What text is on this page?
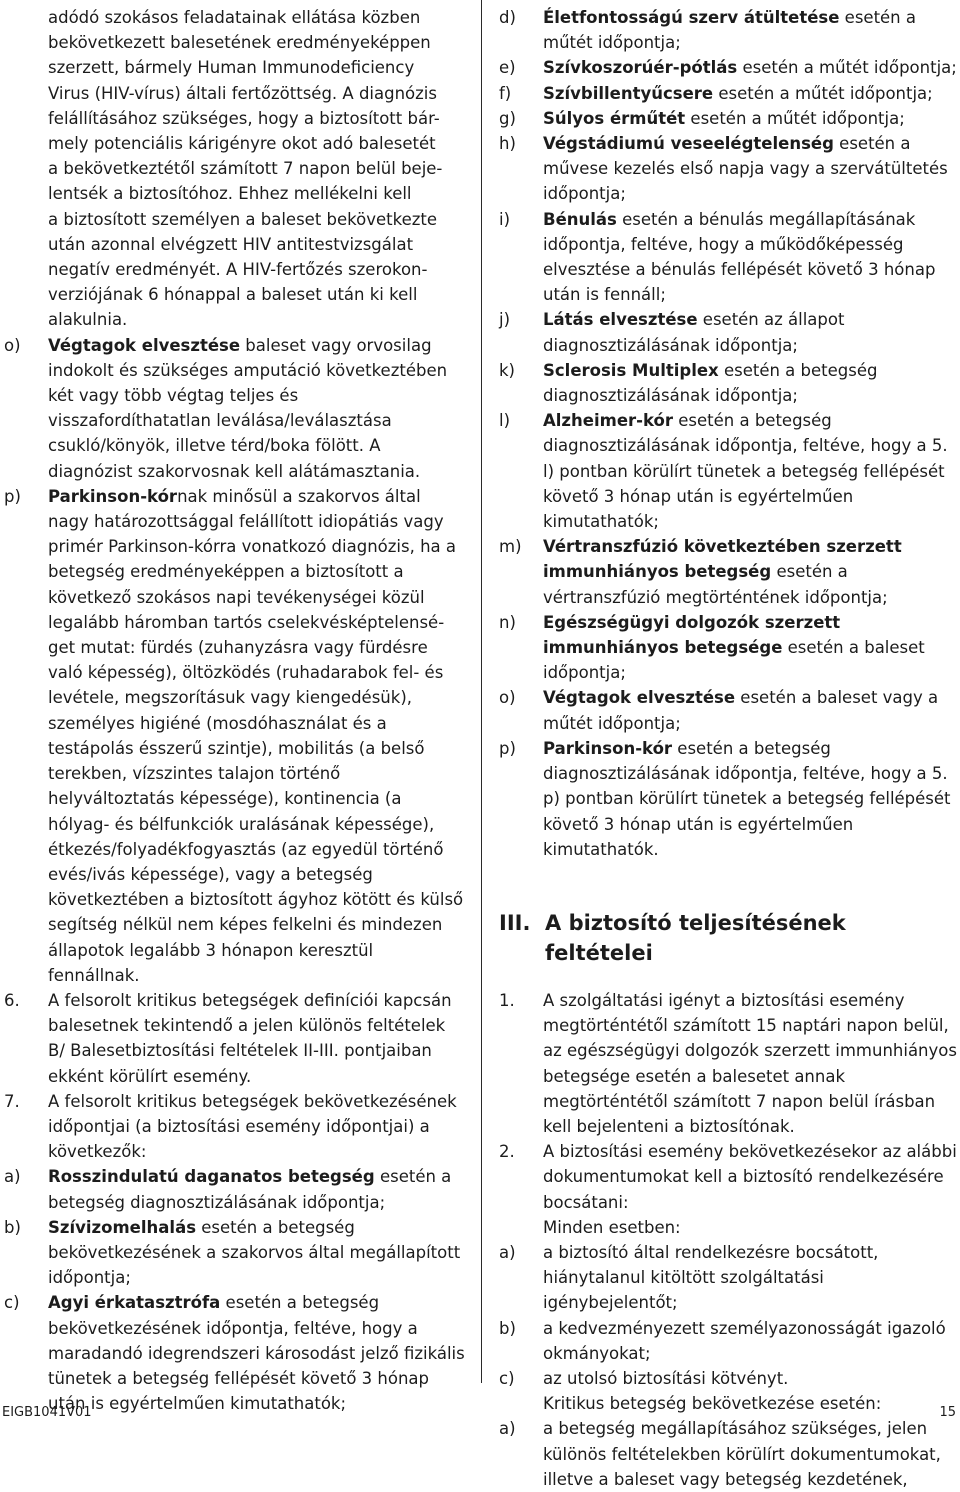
adódó szokásos feladatainak ellátása közben
bekövetkezett balesetének eredményeképpen
szerzett, bármely Human Immunodeficiency
Virus (HIV-vírus) általi fertőzöttség. A diagnózis
felállításához szükséges, hogy a biztosított bár-
mely potenciális kárigényre okot adó balesetét
a bekövetkeztétől számított 7 napon belül beje-
lentsék a biztosítóhoz. Ehhez mellékelni kell
a biztosított személyen a baleset bekövetkezte
után azonnal elvégzett HIV antitestvizsgálat
negatív eredményét. A HIV-fertőzés szerokon-
verziójának 6 hónappal a baleset után ki kell
alakulnia.
o) Végtagok elvesztése baleset vagy orvosilag indokolt és szükséges amputáció következtében két vagy több végtag teljes és visszafordíthatatlan leválása/leválasztása csukló/könyök, illetve térd/boka fölött. A diagnózist szakorvosnak kell alátámasztania.
p) Parkinson-kórnak minősül a szakorvos által nagy határozottsággal felállított idiopátiás vagy primér Parkinson-kórra vonatkozó diagnózis, ha a betegség eredményeképpen a biztosított a következő szokásos napi tevékenységei közül legalább háromban tartós cselekvésképtelensé-get mutat: fürdés (zuhanyzásra vagy fürdésre való képesség), öltözködés (ruhadarabok fel- és levétele, megszorításuk vagy kiengedésük), személyes higiéné (mosdóhasználat és a testápolás ésszerű szintje), mobilitás (a belső terekben, vízszintes talajon történő helyváltoztatás képessége), kontinencia (a hólyag- és bélfunkciók uralásának képessége), étkezés/folyadékfogyasztás (az egyedül történő evés/ivás képessége), vagy a betegség következtében a biztosított ágyhoz kötött és külső segítség nélkül nem képes felkelni és mindezen állapotok legalább 3 hónapon keresztül fennállnak.
6. A felsorolt kritikus betegségek definíciói kapcsán balesetnek tekintendő a jelen különös feltételek B/ Balesetbiztosítási feltételek II-III. pontjaiban ekként körülírt esemény.
7. A felsorolt kritikus betegségek bekövetkezésének időpontjai (a biztosítási esemény időpontjai) a következők:
a) Rosszindulatú daganatos betegség esetén a betegség diagnosztizálásának időpontja;
b) Szívizomelhalás esetén a betegség bekövetkezésének a szakorvos által megállapított időpontja;
c) Agyi érkatasztrófa esetén a betegség bekövetkezésének időpontja, feltéve, hogy a maradandó idegrendszeri károsodást jelző fizikális tünetek a betegség fellépését követő 3 hónap után is egyértelműen kimutathatók;
d) Életfontosságú szerv átültetése esetén a műtét időpontja;
e) Szívkoszorúér-pótlás esetén a műtét időpontja;
f) Szívbillentyűcsere esetén a műtét időpontja;
g) Súlyos érműtét esetén a műtét időpontja;
h) Végstádiumú veseelégtelenség esetén a művese kezelés első napja vagy a szervátültetés időpontja;
i) Bénulás esetén a bénulás megállapításának időpontja, feltéve, hogy a működőképesség elvesztése a bénulás fellépését követő 3 hónap után is fennáll;
j) Látás elvesztése esetén az állapot diagnosztizálásának időpontja;
k) Sclerosis Multiplex esetén a betegség diagnosztizálásának időpontja;
l) Alzheimer-kór esetén a betegség diagnosztizálásának időpontja, feltéve, hogy a 5. l) pontban körülírt tünetek a betegség fellépését követő 3 hónap után is egyértelműen kimutathatók;
m) Vértranszfúzió következtében szerzett immunhiányos betegség esetén a vértranszfúzió megtörténtének időpontja;
n) Egészségügyi dolgozók szerzett immunhiányos betegsége esetén a baleset időpontja;
o) Végtagok elvesztése esetén a baleset vagy a műtét időpontja;
p) Parkinson-kór esetén a betegség diagnosztizálásának időpontja, feltéve, hogy a 5. p) pontban körülírt tünetek a betegség fellépését követő 3 hónap után is egyértelműen kimutathatók.
III. A biztosító teljesítésének feltételei
1. A szolgáltatási igényt a biztosítási esemény megtörténtétől számított 15 naptári napon belül, az egészségügyi dolgozók szerzett immunhiányos betegsége esetén a balesetet annak megtörténtétől számított 7 napon belül írásban kell bejelenteni a biztosítónak.
2. A biztosítási esemény bekövetkezésekor az alábbi dokumentumokat kell a biztosító rendelkezésére bocsátani:

Minden esetben:

a) a biztosító által rendelkezésre bocsátott, hiánytalanul kitöltött szolgáltatási igénybejelentőt;
b) a kedvezményezett személyazonosságát igazoló okmányokat;
c) az utolsó biztosítási kötvényt.

Kritikus betegség bekövetkezése esetén:

a) a betegség megállapításához szükséges, jelen különös feltételekben körülírt dokumentumokat, illetve a baleset vagy betegség kezdetének,
EIGB1041V01	15
